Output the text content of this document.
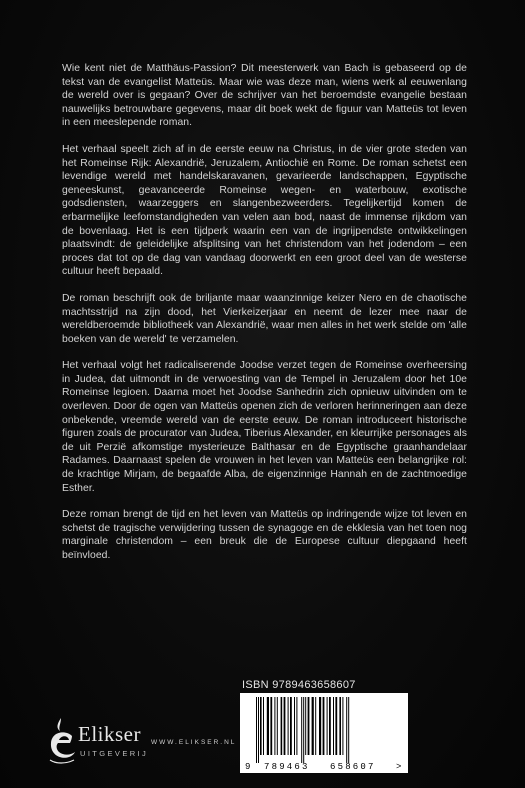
Wie kent niet de Matthäus-Passion? Dit meesterwerk van Bach is gebaseerd op de tekst van de evangelist Matteüs. Maar wie was deze man, wiens werk al eeuwenlang de wereld over is gegaan? Over de schrijver van het beroemdste evangelie bestaan nauwelijks betrouwbare gegevens, maar dit boek wekt de figuur van Matteüs tot leven in een meeslepende roman.

Het verhaal speelt zich af in de eerste eeuw na Christus, in de vier grote steden van het Romeinse Rijk: Alexandrië, Jeruzalem, Antiochië en Rome. De roman schetst een levendige wereld met handelskaravanen, gevarieerde landschappen, Egyptische geneeskunst, geavanceerde Romeinse wegen- en waterbouw, exotische godsdiensten, waarzeggers en slangenbezweerders. Tegelijkertijd komen de erbarmelijke leefomstandigheden van velen aan bod, naast de immense rijkdom van de bovenlaag. Het is een tijdperk waarin een van de ingrijpendste ontwikkelingen plaatsvindt: de geleidelijke afsplitsing van het christendom van het jodendom – een proces dat tot op de dag van vandaag doorwerkt en een groot deel van de westerse cultuur heeft bepaald.

De roman beschrijft ook de briljante maar waanzinnige keizer Nero en de chaotische machtsstrijd na zijn dood, het Vierkeizerjaar en neemt de lezer mee naar de wereldberoemde bibliotheek van Alexandrië, waar men alles in het werk stelde om 'alle boeken van de wereld' te verzamelen.

Het verhaal volgt het radicaliserende Joodse verzet tegen de Romeinse overheersing in Judea, dat uitmondt in de verwoesting van de Tempel in Jeruzalem door het 10e Romeinse legioen. Daarna moet het Joodse Sanhedrin zich opnieuw uitvinden om te overleven. Door de ogen van Matteüs openen zich de verloren herinneringen aan deze onbekende, vreemde wereld van de eerste eeuw. De roman introduceert historische figuren zoals de procurator van Judea, Tiberius Alexander, en kleurrijke personages als de uit Perzië afkomstige mysterieuze Balthasar en de Egyptische graanhandelaar Radames. Daarnaast spelen de vrouwen in het leven van Matteüs een belangrijke rol: de krachtige Mirjam, de begaafde Alba, de eigenzinnige Hannah en de zachtmoedige Esther.

Deze roman brengt de tijd en het leven van Matteüs op indringende wijze tot leven en schetst de tragische verwijdering tussen de synagoge en de ekklesia van het toen nog marginale christendom – een breuk die de Europese cultuur diepgaand heeft beïnvloed.

ISBN 9789463658607
9 789463 658607 >
Elikser
UITGEVERIJ
WWW.ELIKSER.NL
